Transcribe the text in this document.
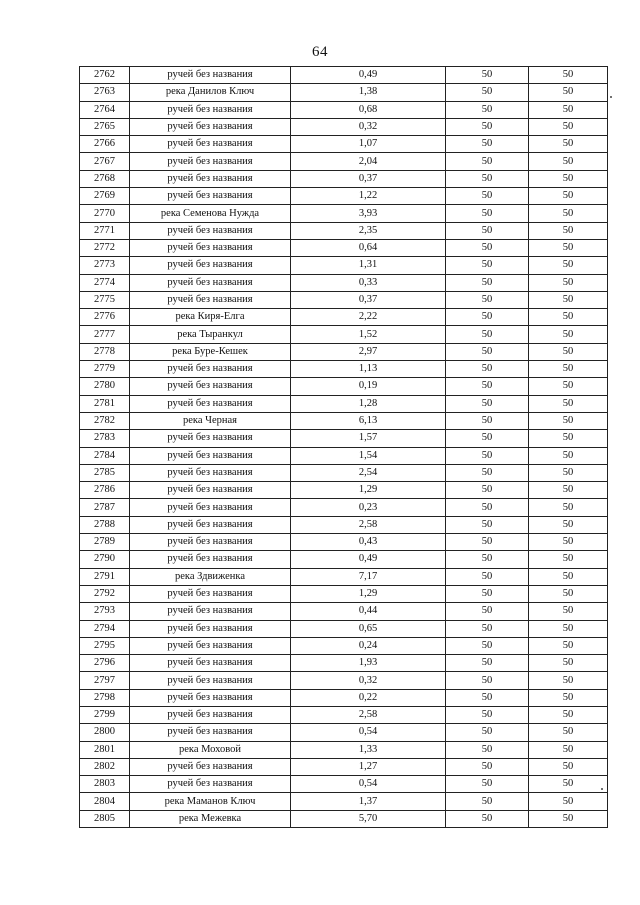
64
2762	ручей без названия	0,49	50	50
2763	река Данилов Ключ	1,38	50	50
2764	ручей без названия	0,68	50	50
2765	ручей без названия	0,32	50	50
2766	ручей без названия	1,07	50	50
2767	ручей без названия	2,04	50	50
2768	ручей без названия	0,37	50	50
2769	ручей без названия	1,22	50	50
2770	река Семенова Нужда	3,93	50	50
2771	ручей без названия	2,35	50	50
2772	ручей без названия	0,64	50	50
2773	ручей без названия	1,31	50	50
2774	ручей без названия	0,33	50	50
2775	ручей без названия	0,37	50	50
2776	река Киря-Елга	2,22	50	50
2777	река Тыранкул	1,52	50	50
2778	река Буре-Кешек	2,97	50	50
2779	ручей без названия	1,13	50	50
2780	ручей без названия	0,19	50	50
2781	ручей без названия	1,28	50	50
2782	река Черная	6,13	50	50
2783	ручей без названия	1,57	50	50
2784	ручей без названия	1,54	50	50
2785	ручей без названия	2,54	50	50
2786	ручей без названия	1,29	50	50
2787	ручей без названия	0,23	50	50
2788	ручей без названия	2,58	50	50
2789	ручей без названия	0,43	50	50
2790	ручей без названия	0,49	50	50
2791	река Здвиженка	7,17	50	50
2792	ручей без названия	1,29	50	50
2793	ручей без названия	0,44	50	50
2794	ручей без названия	0,65	50	50
2795	ручей без названия	0,24	50	50
2796	ручей без названия	1,93	50	50
2797	ручей без названия	0,32	50	50
2798	ручей без названия	0,22	50	50
2799	ручей без названия	2,58	50	50
2800	ручей без названия	0,54	50	50
2801	река Моховой	1,33	50	50
2802	ручей без названия	1,27	50	50
2803	ручей без названия	0,54	50	50
2804	река Маманов Ключ	1,37	50	50
2805	река Межевка	5,70	50	50
